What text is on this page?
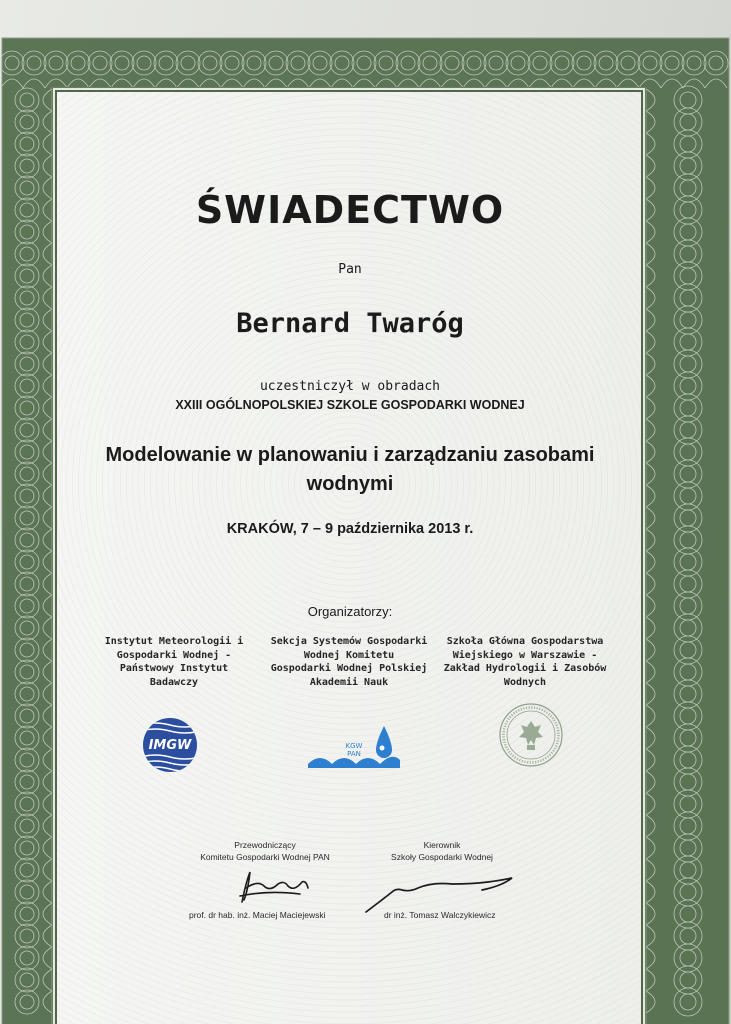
ŚWIADECTWO
Pan
Bernard Twaróg
uczestniczył w obradach
XXIII OGÓLNOPOLSKIEJ SZKOLE GOSPODARKI WODNEJ
Modelowanie w planowaniu i zarządzaniu zasobami
wodnymi
KRAKÓW, 7 – 9 października 2013 r.
Organizatorzy:
Instytut Meteorologii i
Gospodarki Wodnej -
Państwowy Instytut
Badawczy
Sekcja Systemów Gospodarki
Wodnej Komitetu
Gospodarki Wodnej Polskiej
Akademii Nauk
Szkoła Główna Gospodarstwa
Wiejskiego w Warszawie -
Zakład Hydrologii i Zasobów
Wodnych
IMGW	KGW
PAN
Przewodniczący
Komitetu Gospodarki Wodnej PAN
Kierownik
Szkoły Gospodarki Wodnej
prof. dr hab. inż. Maciej Maciejewski	dr inż. Tomasz Walczykiewicz
